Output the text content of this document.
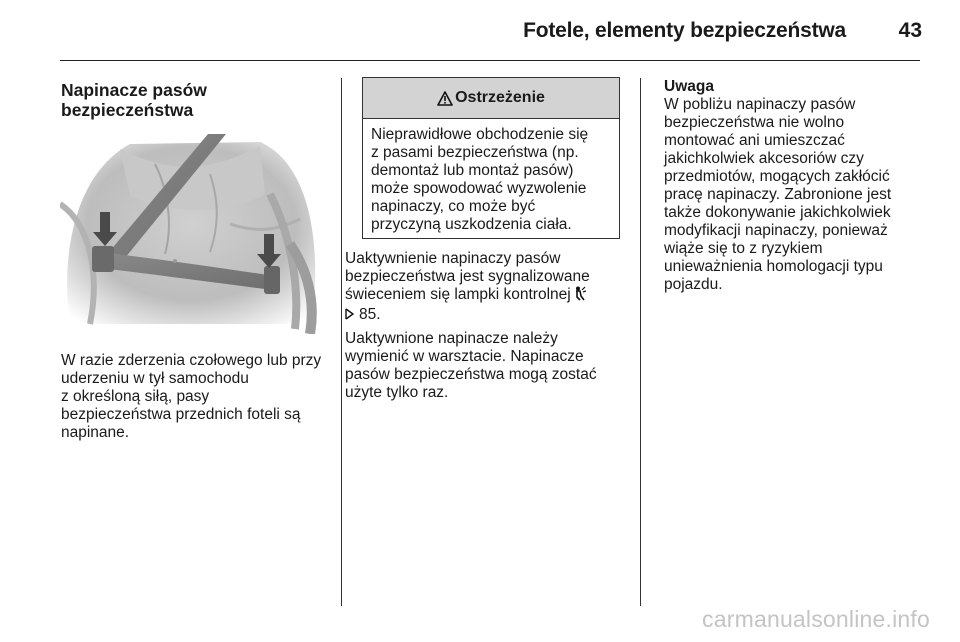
Fotele, elementy bezpieczeństwa	43
Napinacze pasów
bezpieczeństwa
W razie zderzenia czołowego lub przy
uderzeniu w tył samochodu
z określoną siłą, pasy
bezpieczeństwa przednich foteli są
napinane.
Ostrzeżenie
Nieprawidłowe obchodzenie się
z pasami bezpieczeństwa (np.
demontaż lub montaż pasów)
może spowodować wyzwolenie
napinaczy, co może być
przyczyną uszkodzenia ciała.

Uaktywnienie napinaczy pasów
bezpieczeństwa jest sygnalizowane
świeceniem się lampki kontrolnej
85.

Uaktywnione napinacze należy
wymienić w warsztacie. Napinacze
pasów bezpieczeństwa mogą zostać
użyte tylko raz.

Uwaga
W pobliżu napinaczy pasów
bezpieczeństwa nie wolno
montować ani umieszczać
jakichkolwiek akcesoriów czy
przedmiotów, mogących zakłócić
pracę napinaczy. Zabronione jest
także dokonywanie jakichkolwiek
modyfikacji napinaczy, ponieważ
wiąże się to z ryzykiem
unieważnienia homologacji typu
pojazdu.
carmanualsonline.info
